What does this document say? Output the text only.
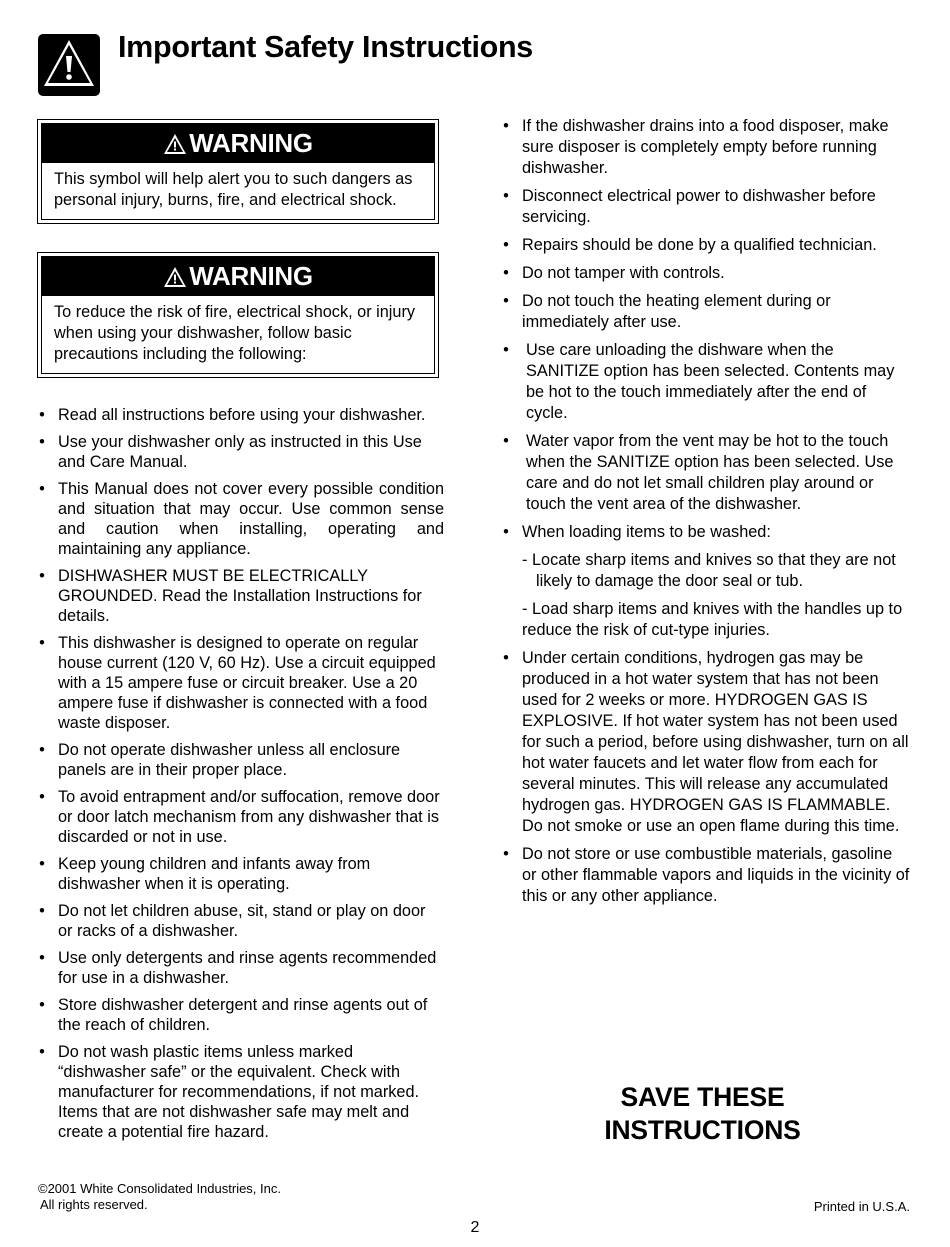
Important Safety Instructions
WARNING
This symbol will help alert you to such dangers as personal injury, burns, fire, and electrical shock.
WARNING
To reduce the risk of fire, electrical shock, or injury when using your dishwasher, follow basic precautions including the following:
• Read all instructions before using your dishwasher.
• Use your dishwasher only as instructed in this Use and Care Manual.
• This Manual does not cover every possible condition and situation that may occur. Use common sense and caution when installing, operating and maintaining any appliance.
• DISHWASHER MUST BE ELECTRICALLY GROUNDED. Read the Installation Instructions for details.
• This dishwasher is designed to operate on regular house current (120 V, 60 Hz). Use a circuit equipped with a 15 ampere fuse or circuit breaker. Use a 20 ampere fuse if dishwasher is connected with a food waste disposer.
• Do not operate dishwasher unless all enclosure panels are in their proper place.
• To avoid entrapment and/or suffocation, remove door or door latch mechanism from any dishwasher that is discarded or not in use.
• Keep young children and infants away from dishwasher when it is operating.
• Do not let children abuse, sit, stand or play on door or racks of a dishwasher.
• Use only detergents and rinse agents recommended for use in a dishwasher.
• Store dishwasher detergent and rinse agents out of the reach of children.
• Do not wash plastic items unless marked “dishwasher safe” or the equivalent. Check with manufacturer for recommendations, if not marked. Items that are not dishwasher safe may melt and create a potential fire hazard.
• If the dishwasher drains into a food disposer, make sure disposer is completely empty before running dishwasher.
• Disconnect electrical power to dishwasher before servicing.
• Repairs should be done by a qualified technician.
• Do not tamper with controls.
• Do not touch the heating element during or immediately after use.
• Use care unloading the dishware when the SANITIZE option has been selected. Contents may be hot to the touch immediately after the end of cycle.
• Water vapor from the vent may be hot to the touch when the SANITIZE option has been selected. Use care and do not let small children play around or touch the vent area of the dishwasher.
• When loading items to be washed:
- Locate sharp items and knives so that they are not likely to damage the door seal or tub.
- Load sharp items and knives with the handles up to reduce the risk of cut-type injuries.
• Under certain conditions, hydrogen gas may be produced in a hot water system that has not been used for 2 weeks or more. HYDROGEN GAS IS EXPLOSIVE. If hot water system has not been used for such a period, before using dishwasher, turn on all hot water faucets and let water flow from each for several minutes. This will release any accumulated hydrogen gas. HYDROGEN GAS IS FLAMMABLE. Do not smoke or use an open flame during this time.
• Do not store or use combustible materials, gasoline or other flammable vapors and liquids in the vicinity of this or any other appliance.
SAVE THESE
INSTRUCTIONS
©2001 White Consolidated Industries, Inc.
All rights reserved.	Printed in U.S.A.
2
